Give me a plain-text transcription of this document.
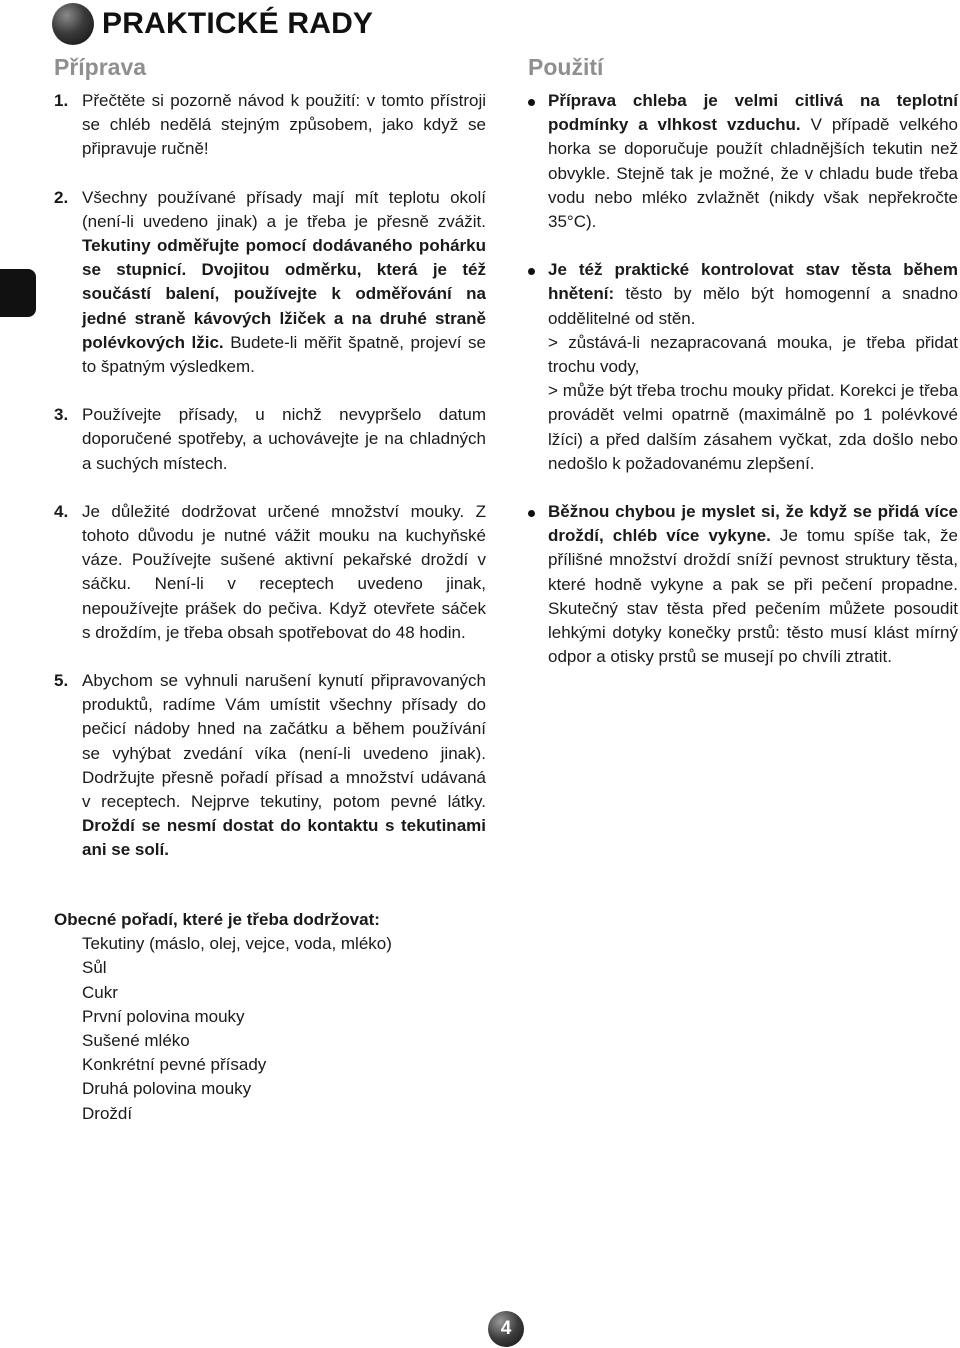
PRAKTICKÉ RADY
Příprava
1. Přečtěte si pozorně návod k použití: v tomto přístroji se chléb nedělá stejným způsobem, jako když se připravuje ručně!

2. Všechny používané přísady mají mít teplotu okolí (není-li uvedeno jinak) a je třeba je přesně zvážit. Tekutiny odměřujte pomocí dodávaného pohárku se stupnicí. Dvojitou odměrku, která je též součástí balení, používejte k odměřování na jedné straně kávových lžiček a na druhé straně polévkových lžic. Budete-li měřit špatně, projeví se to špatným výsledkem.

3. Používejte přísady, u nichž nevypršelo datum doporučené spotřeby, a uchovávejte je na chladných a suchých místech.

4. Je důležité dodržovat určené množství mouky. Z tohoto důvodu je nutné vážit mouku na kuchyňské váze. Používejte sušené aktivní pekařské droždí v sáčku. Není-li v receptech uvedeno jinak, nepoužívejte prášek do pečiva. Když otevřete sáček s droždím, je třeba obsah spotřebovat do 48 hodin.

5. Abychom se vyhnuli narušení kynutí připravovaných produktů, radíme Vám umístit všechny přísady do pečicí nádoby hned na začátku a během používání se vyhýbat zvedání víka (není-li uvedeno jinak). Dodržujte přesně pořadí přísad a množství udávaná v receptech. Nejprve tekutiny, potom pevné látky. Droždí se nesmí dostat do kontaktu s tekutinami ani se solí.

Použití

Příprava chleba je velmi citlivá na teplotní podmínky a vlhkost vzduchu. V případě velkého horka se doporučuje použít chladnějších tekutin než obvykle. Stejně tak je možné, že v chladu bude třeba vodu nebo mléko zvlažnět (nikdy však nepřekročte 35°C).

Je též praktické kontrolovat stav těsta během hnětení: těsto by mělo být homogenní a snadno oddělitelné od stěn.
> zůstává-li nezapracovaná mouka, je třeba přidat trochu vody,
> může být třeba trochu mouky přidat. Korekci je třeba provádět velmi opatrně (maximálně po 1 polévkové lžíci) a před dalším zásahem vyčkat, zda došlo nebo nedošlo k požadovanému zlepšení.

Běžnou chybou je myslet si, že když se přidá více droždí, chléb více vykyne. Je tomu spíše tak, že přílišné množství droždí sníží pevnost struktury těsta, které hodně vykyne a pak se při pečení propadne. Skutečný stav těsta před pečením můžete posoudit lehkými dotyky konečky prstů: těsto musí klást mírný odpor a otisky prstů se musejí po chvíli ztratit.

Obecné pořadí, které je třeba dodržovat:
Tekutiny (máslo, olej, vejce, voda, mléko)
Sůl
Cukr
První polovina mouky
Sušené mléko
Konkrétní pevné přísady
Druhá polovina mouky
Droždí
4
